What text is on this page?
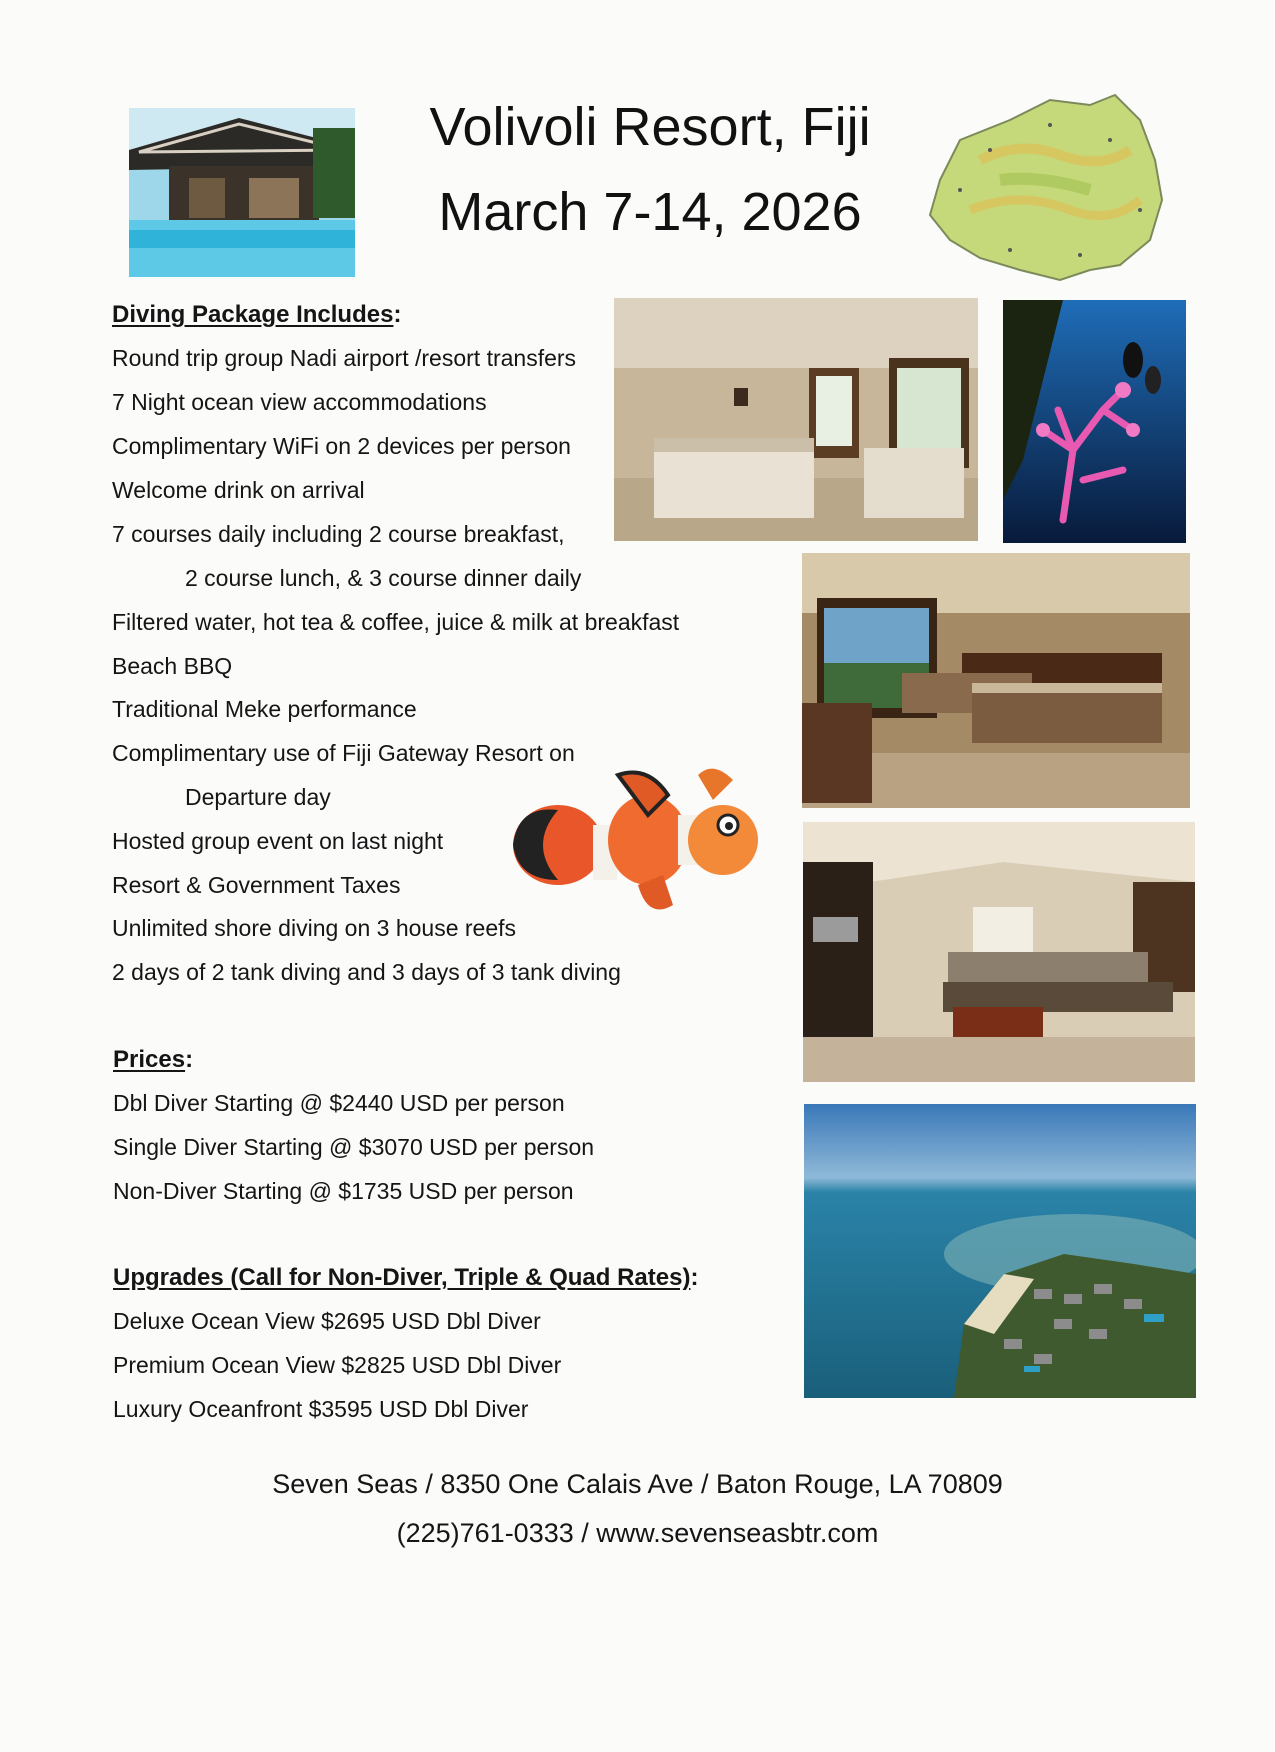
Volivoli Resort, Fiji
March 7-14, 2026
Diving Package Includes:
Round trip group Nadi airport /resort transfers
7 Night ocean view accommodations
Complimentary WiFi on 2 devices per person
Welcome drink on arrival
7 courses daily including 2 course breakfast,
2 course lunch, & 3 course dinner daily
Filtered water, hot tea & coffee, juice & milk at breakfast
Beach BBQ
Traditional Meke performance
Complimentary use of Fiji Gateway Resort on
Departure day
Hosted group event on last night
Resort & Government Taxes
Unlimited shore diving on 3 house reefs
2 days of 2 tank diving and 3 days of 3 tank diving
Prices:
Dbl Diver Starting @ $2440 USD per person
Single Diver Starting @ $3070 USD per person
Non-Diver Starting @ $1735 USD per person
Upgrades (Call for Non-Diver, Triple & Quad Rates):
Deluxe Ocean View $2695 USD Dbl Diver
Premium Ocean View $2825 USD Dbl Diver
Luxury Oceanfront $3595 USD Dbl Diver
Seven Seas / 8350 One Calais Ave / Baton Rouge, LA 70809
(225)761-0333 / www.sevenseasbtr.com
